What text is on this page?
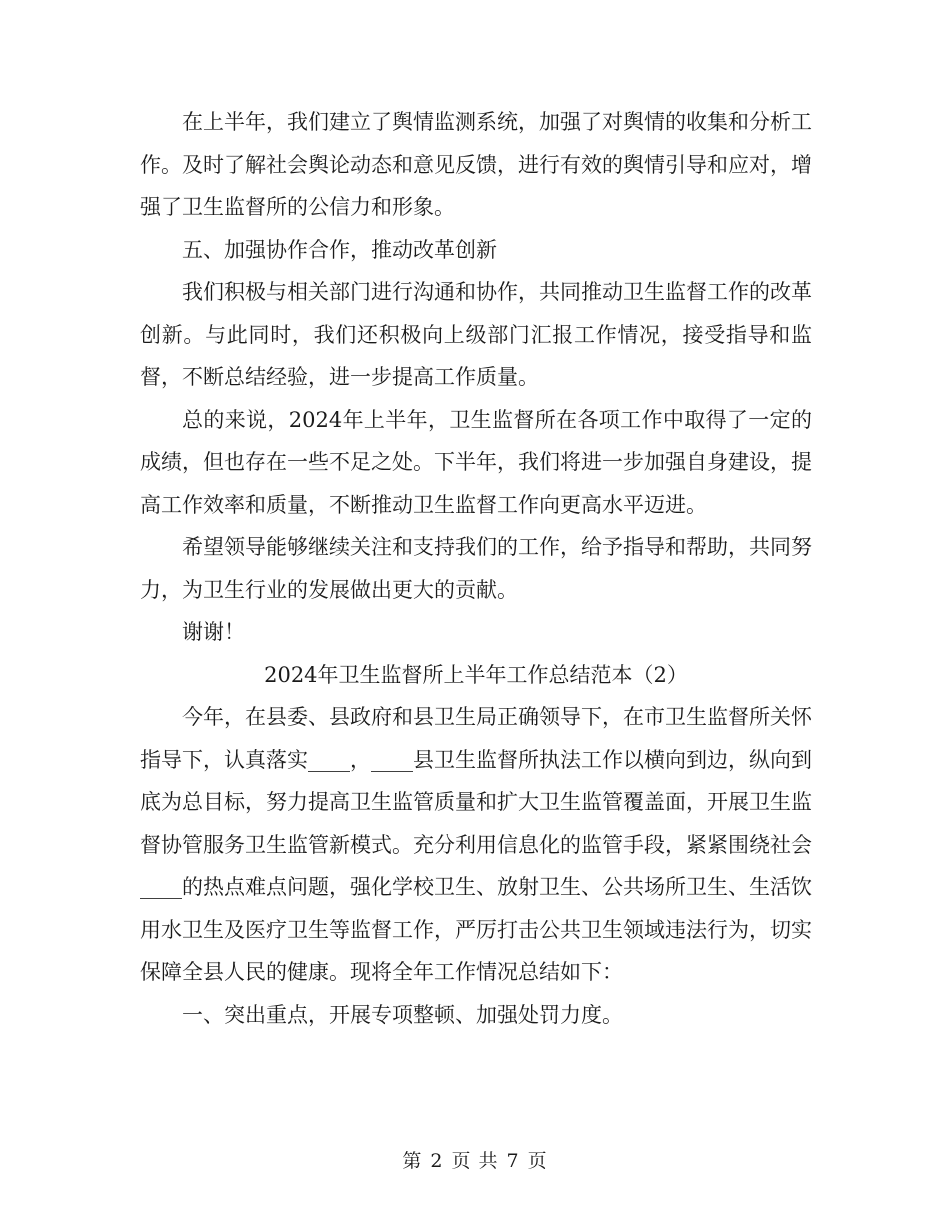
在上半年，我们建立了舆情监测系统，加强了对舆情的收集和分析工作。及时了解社会舆论动态和意见反馈，进行有效的舆情引导和应对，增强了卫生监督所的公信力和形象。

五、加强协作合作，推动改革创新

我们积极与相关部门进行沟通和协作，共同推动卫生监督工作的改革创新。与此同时，我们还积极向上级部门汇报工作情况，接受指导和监督，不断总结经验，进一步提高工作质量。

总的来说，2024年上半年，卫生监督所在各项工作中取得了一定的成绩，但也存在一些不足之处。下半年，我们将进一步加强自身建设，提高工作效率和质量，不断推动卫生监督工作向更高水平迈进。

希望领导能够继续关注和支持我们的工作，给予指导和帮助，共同努力，为卫生行业的发展做出更大的贡献。

谢谢！

2024年卫生监督所上半年工作总结范本（2）

今年，在县委、县政府和县卫生局正确领导下，在市卫生监督所关怀指导下，认真落实____，____县卫生监督所执法工作以横向到边，纵向到底为总目标，努力提高卫生监管质量和扩大卫生监管覆盖面，开展卫生监督协管服务卫生监管新模式。充分利用信息化的监管手段，紧紧围绕社会____的热点难点问题，强化学校卫生、放射卫生、公共场所卫生、生活饮用水卫生及医疗卫生等监督工作，严厉打击公共卫生领域违法行为，切实保障全县人民的健康。现将全年工作情况总结如下：

一、突出重点，开展专项整顿、加强处罚力度。

第 2 页 共 7 页
